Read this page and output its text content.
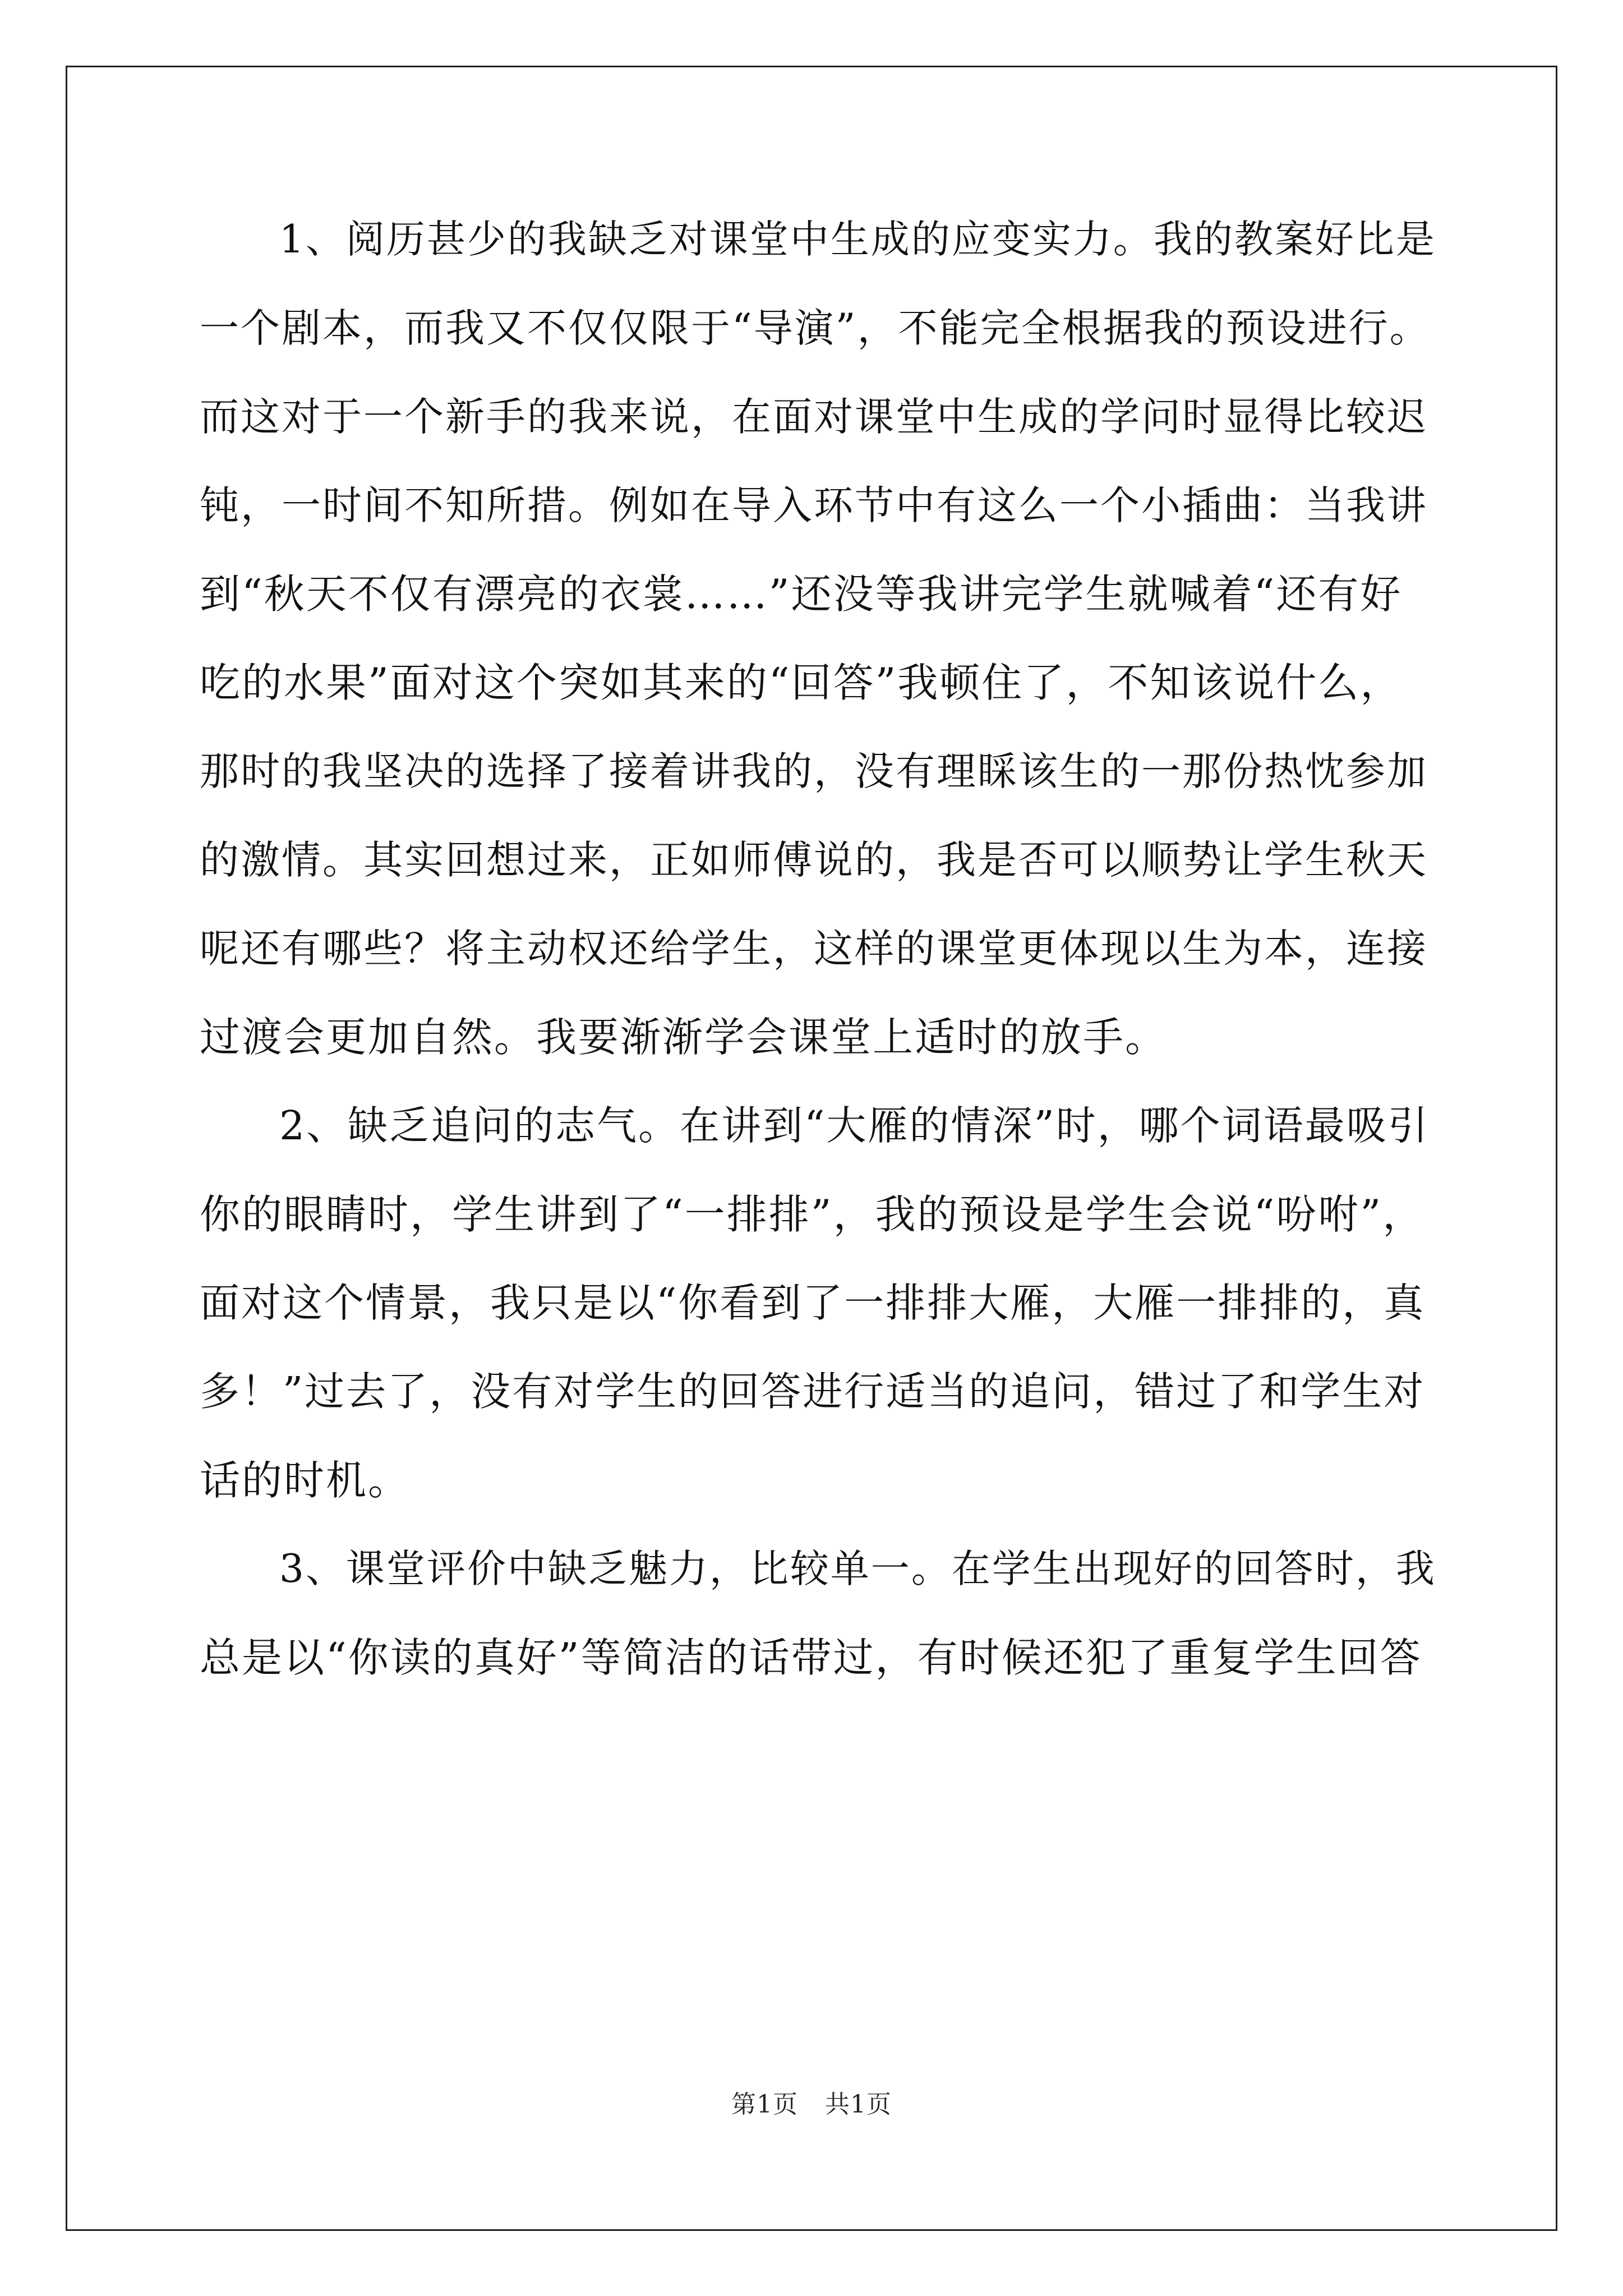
1、阅历甚少的我缺乏对课堂中生成的应变实力。我的教案好比是
一个剧本，而我又不仅仅限于“导演”，不能完全根据我的预设进行。
而这对于一个新手的我来说，在面对课堂中生成的学问时显得比较迟
钝，一时间不知所措。例如在导入环节中有这么一个小插曲：当我讲
到“秋天不仅有漂亮的衣裳……”还没等我讲完学生就喊着“还有好
吃的水果”面对这个突如其来的“回答”我顿住了，不知该说什么，
那时的我坚决的选择了接着讲我的，没有理睬该生的一那份热忱参加
的激情。其实回想过来，正如师傅说的，我是否可以顺势让学生秋天
呢还有哪些？将主动权还给学生，这样的课堂更体现以生为本，连接
过渡会更加自然。我要渐渐学会课堂上适时的放手。
2、缺乏追问的志气。在讲到“大雁的情深”时，哪个词语最吸引
你的眼睛时，学生讲到了“一排排”，我的预设是学生会说“吩咐”，
面对这个情景，我只是以“你看到了一排排大雁，大雁一排排的，真
多！”过去了，没有对学生的回答进行适当的追问，错过了和学生对
话的时机。
3、课堂评价中缺乏魅力，比较单一。在学生出现好的回答时，我
总是以“你读的真好”等简洁的话带过，有时候还犯了重复学生回答
第1页 共1页
